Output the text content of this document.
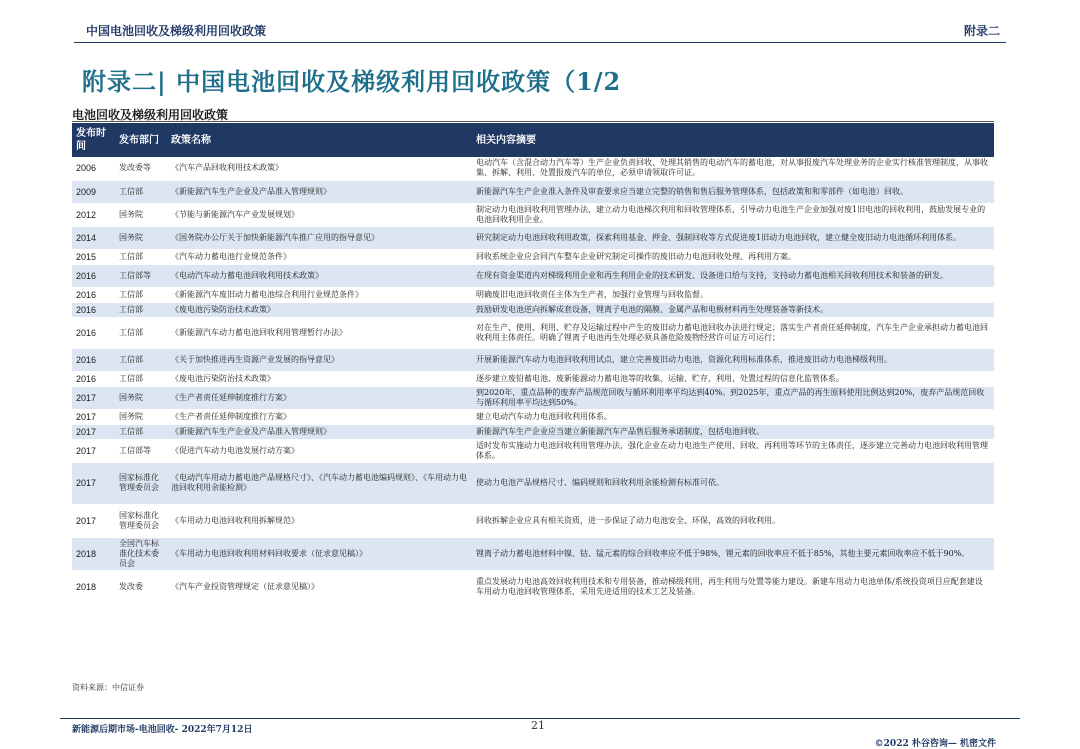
中国电池回收及梯级利用回收政策	附录二
附录二| 中国电池回收及梯级利用回收政策（1/2
电池回收及梯级利用回收政策
发布时间	发布部门	政策名称	相关内容摘要
2006	发改委等	《汽车产品回收利用技术政策》	电动汽车（含混合动力汽车等）生产企业负责回收、处理其销售的电动汽车的蓄电池，对从事报废汽车处理业务的企业实行核准管理制度，从事收集、拆解、利用、处置报废汽车的单位，必须申请领取许可证。
2009	工信部	《新能源汽车生产企业及产品准入管理规则》	新能源汽车生产企业准入条件及审查要求应当建立完整的销售和售后服务管理体系，包括政策和和零部件（如电池）回收。
2012	国务院	《节能与新能源汽车产业发展规划》	制定动力电池回收利用管理办法，建立动力电池梯次利用和回收管理体系，引导动力电池生产企业加强对废1旧电池的回收利用，鼓励发展专业的电池回收利用企业。
2014	国务院	《国务院办公厅关于加快新能源汽车推广应用的指导意见》	研究制定动力电池回收利用政策，探索利用基金、押金、强制回收等方式促进废1旧动力电池回收，建立健全废旧动力电池循环利用体系。
2015	工信部	《汽车动力蓄电池行业规范条件》	回收系统企业应会同汽车整车企业研究制定可操作的废旧动力电池回收处理、再利用方案。
2016	工信部等	《电动汽车动力蓄电池回收利用技术政策》	在现有资金渠道内对梯级利用企业和再生利用企业的技术研发、设备进口给与支持，支持动力蓄电池相关回收利用技术和装备的研发。
2016	工信部	《新能源汽车废旧动力蓄电池综合利用行业规范条件》	明确废旧电池回收责任主体为生产者，加强行业管理与回收监督。
2016	工信部	《废电池污染防治技术政策》	鼓励研发电池逆向拆解成套设备，锂离子电池的隔膜、金属产品和电极材料再生处理装备等新技术。
2016	工信部	《新能源汽车动力蓄电池回收利用管理暂行办法》	对在生产、使用、利用、贮存及运输过程中产生的废旧动力蓄电池回收办法进行规定；落实生产者责任延伸制度，汽车生产企业承担动力蓄电池回收利用主体责任。明确了锂离子电池再生处理必须具备危险废物经营许可证方可运行；
2016	工信部	《关于加快推进再生资源产业发展的指导意见》	开展新能源汽车动力电池回收利用试点，建立完善废旧动力电池，资源化利用标准体系，推进废旧动力电池梯级利用。
2016	工信部	《废电池污染防治技术政策》	逐步建立废铅蓄电池、废新能源动力蓄电池等的收集、运输、贮存、利用、处置过程的信息化监管体系。
2017	国务院	《生产者责任延伸制度推行方案》	到2020年，重点品种的废弃产品规范回收与循环利用率平均达到40%。到2025年，重点产品的再生原料使用比例达到20%，废弃产品规范回收与循环利用率平均达到50%。
2017	国务院	《生产者责任延伸制度推行方案》	建立电动汽车动力电池回收利用体系。
2017	工信部	《新能源汽车生产企业及产品准入管理规则》	新能源汽车生产企业应当建立新能源汽车产品售后服务承诺制度，包括电池回收。
2017	工信部等	《促进汽车动力电池发展行动方案》	适时发布实施动力电池回收利用管理办法，强化企业在动力电池生产使用、回收、再利用等环节的主体责任，逐步建立完善动力电池回收利用管理体系。
2017	国家标准化管理委员会	《电动汽车用动力蓄电池产品规格尺寸》、《汽车动力蓄电池编码规则》、《车用动力电池回收利用余能检测》	使动力电池产品规格尺寸、编码规则和回收利用余能检测有标准可依。
2017	国家标准化管理委员会	《车用动力电池回收利用拆解规范》	回收拆解企业应具有相关资质，进一步保证了动力电池安全、环保，高效的回收利用。
2018	全国汽车标准化技术委员会	《车用动力电池回收利用材料回收要求（征求意见稿）》	锂离子动力蓄电池材料中镍、钴、锰元素的综合回收率应不低于98%，锂元素的回收率应不低于85%，其他主要元素回收率应不低于90%。
2018	发改委	《汽车产业投资管理规定（征求意见稿）》	重点发展动力电池高效回收利用技术和专用装备，推动梯级利用，再生利用与处置等能力建设。新建车用动力电池单体/系统投资项目应配套建设车用动力电池回收管理体系，采用先进适用的技术工艺及装备。
资料来源：中信证券
新能源后期市场-电池回收- 2022年7月12日	21
©2022 朴谷咨询— 机密文件
